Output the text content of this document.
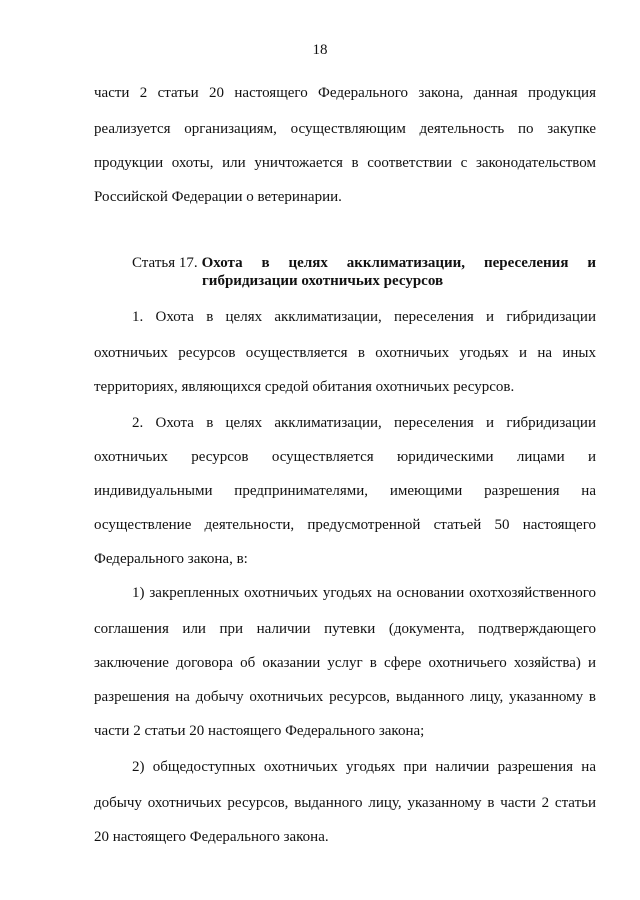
18
части 2 статьи 20 настоящего Федерального закона, данная продукция
реализуется организациям, осуществляющим деятельность по закупке
продукции охоты, или уничтожается в соответствии с законодательством
Российской Федерации о ветеринарии.
Статья 17. Охота в целях акклиматизации, переселения и
гибридизации охотничьих ресурсов
1. Охота в целях акклиматизации, переселения и гибридизации
охотничьих ресурсов осуществляется в охотничьих угодьях и на иных
территориях, являющихся средой обитания охотничьих ресурсов.
2. Охота в целях акклиматизации, переселения и гибридизации
охотничьих ресурсов осуществляется юридическими лицами и
индивидуальными предпринимателями, имеющими разрешения на
осуществление деятельности, предусмотренной статьей 50 настоящего
Федерального закона, в:
1) закрепленных охотничьих угодьях на основании охотхозяйственного
соглашения или при наличии путевки (документа, подтверждающего
заключение договора об оказании услуг в сфере охотничьего хозяйства) и
разрешения на добычу охотничьих ресурсов, выданного лицу, указанному в
части 2 статьи 20 настоящего Федерального закона;
2) общедоступных охотничьих угодьях при наличии разрешения на
добычу охотничьих ресурсов, выданного лицу, указанному в части 2 статьи
20 настоящего Федерального закона.
